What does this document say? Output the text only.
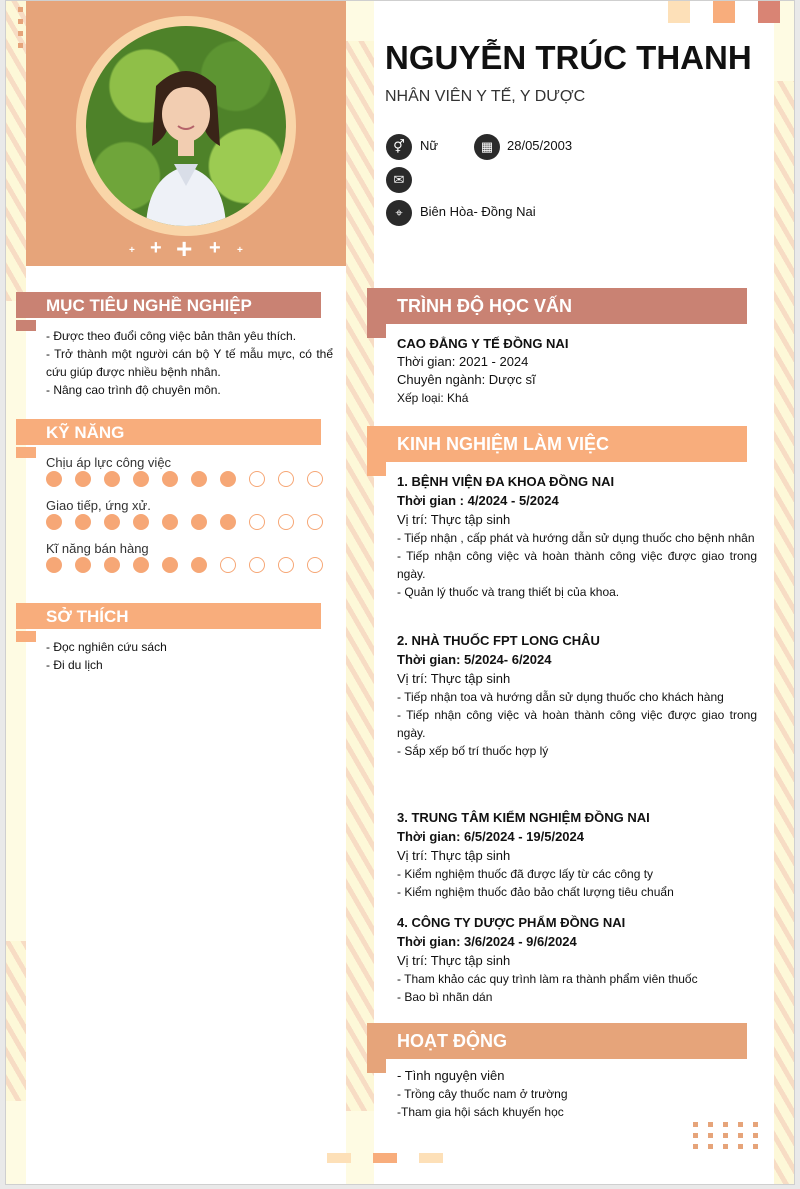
+ + + + +
NGUYỄN TRÚC THANH
NHÂN VIÊN Y TẾ, Y DƯỢC
⚥	Nữ	▦	28/05/2003
✉
⌖	Biên Hòa- Đồng Nai
MỤC TIÊU NGHỀ NGHIỆP
- Được theo đuổi công việc bản thân yêu thích.
- Trở thành một người cán bộ Y tế mẫu mực, có thể cứu giúp được nhiều bệnh nhân.
- Nâng cao trình độ chuyên môn.
KỸ NĂNG
Chịu áp lực công việc
Giao tiếp, ứng xử.
Kĩ năng bán hàng
SỞ THÍCH
- Đọc nghiên cứu sách
- Đi du lịch
TRÌNH ĐỘ HỌC VẤN
CAO ĐẲNG Y TẾ ĐỒNG NAI
Thời gian: 2021 - 2024
Chuyên ngành: Dược sĩ
Xếp loại: Khá
KINH NGHIỆM LÀM VIỆC
1. BỆNH VIỆN ĐA KHOA ĐỒNG NAI
Thời gian : 4/2024 - 5/2024
Vị trí: Thực tập sinh
- Tiếp nhận , cấp phát và hướng dẫn sử dụng thuốc cho bệnh nhân
- Tiếp nhận công việc và hoàn thành công việc được giao trong ngày.
- Quản lý thuốc và trang thiết bị của khoa.
2. NHÀ THUỐC FPT LONG CHÂU
Thời gian: 5/2024- 6/2024
Vị trí: Thực tập sinh
- Tiếp nhận toa và hướng dẫn sử dụng thuốc cho khách hàng
- Tiếp nhận công việc và hoàn thành công việc được giao trong ngày.
- Sắp xếp bố trí thuốc hợp lý
3. TRUNG TÂM KIỂM NGHIỆM ĐỒNG NAI
Thời gian: 6/5/2024 - 19/5/2024
Vị trí: Thực tập sinh
- Kiểm nghiệm thuốc đã được lấy từ các công ty
- Kiểm nghiệm thuốc đảo bảo chất lượng tiêu chuẩn
4. CÔNG TY DƯỢC PHẨM ĐỒNG NAI
Thời gian: 3/6/2024 - 9/6/2024
Vị trí: Thực tập sinh
- Tham khảo các quy trình làm ra thành phẩm viên thuốc
- Bao bì nhãn dán
HOẠT ĐỘNG
- Tình nguyện viên
- Trồng cây thuốc nam ở trường
-Tham gia hội sách khuyến học
